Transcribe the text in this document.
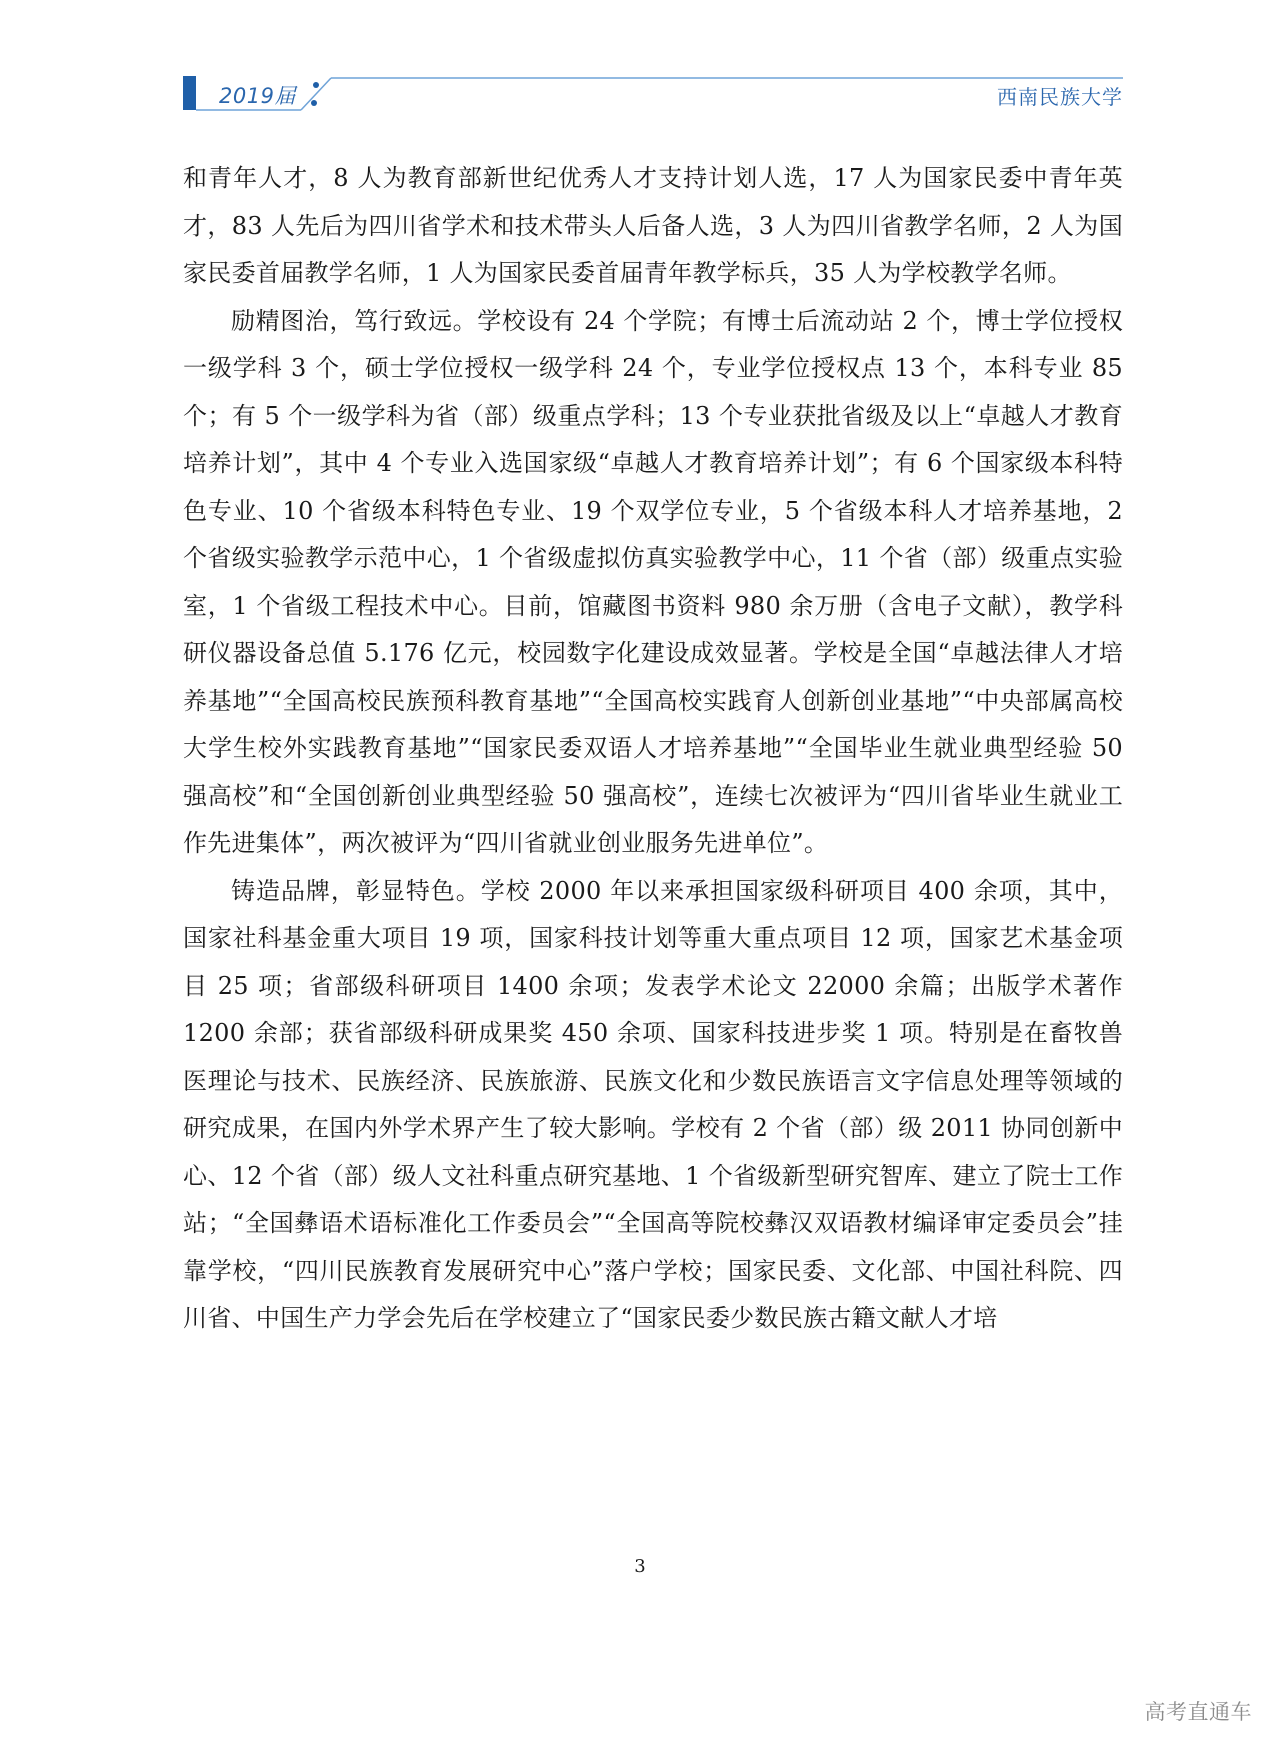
2019届	西南民族大学

和青年人才，8 人为教育部新世纪优秀人才支持计划人选，17 人为国家民委中青年英才，83 人先后为四川省学术和技术带头人后备人选，3 人为四川省教学名师，2 人为国家民委首届教学名师，1 人为国家民委首届青年教学标兵，35 人为学校教学名师。

励精图治，笃行致远。学校设有 24 个学院；有博士后流动站 2 个，博士学位授权一级学科 3 个，硕士学位授权一级学科 24 个，专业学位授权点 13 个，本科专业 85 个；有 5 个一级学科为省（部）级重点学科；13 个专业获批省级及以上“卓越人才教育培养计划”，其中 4 个专业入选国家级“卓越人才教育培养计划”；有 6 个国家级本科特色专业、10 个省级本科特色专业、19 个双学位专业，5 个省级本科人才培养基地，2 个省级实验教学示范中心，1 个省级虚拟仿真实验教学中心，11 个省（部）级重点实验室，1 个省级工程技术中心。目前，馆藏图书资料 980 余万册（含电子文献），教学科研仪器设备总值 5.176 亿元，校园数字化建设成效显著。学校是全国“卓越法律人才培养基地”“全国高校民族预科教育基地”“全国高校实践育人创新创业基地”“中央部属高校大学生校外实践教育基地”“国家民委双语人才培养基地”“全国毕业生就业典型经验 50 强高校”和“全国创新创业典型经验 50 强高校”，连续七次被评为“四川省毕业生就业工作先进集体”，两次被评为“四川省就业创业服务先进单位”。

铸造品牌，彰显特色。学校 2000 年以来承担国家级科研项目 400 余项，其中，国家社科基金重大项目 19 项，国家科技计划等重大重点项目 12 项，国家艺术基金项目 25 项；省部级科研项目 1400 余项；发表学术论文 22000 余篇；出版学术著作 1200 余部；获省部级科研成果奖 450 余项、国家科技进步奖 1 项。特别是在畜牧兽医理论与技术、民族经济、民族旅游、民族文化和少数民族语言文字信息处理等领域的研究成果，在国内外学术界产生了较大影响。学校有 2 个省（部）级 2011 协同创新中心、12 个省（部）级人文社科重点研究基地、1 个省级新型研究智库、建立了院士工作站；“全国彝语术语标准化工作委员会”“全国高等院校彝汉双语教材编译审定委员会”挂靠学校，“四川民族教育发展研究中心”落户学校；国家民委、文化部、中国社科院、四川省、中国生产力学会先后在学校建立了“国家民委少数民族古籍文献人才培

3
高考直通车
